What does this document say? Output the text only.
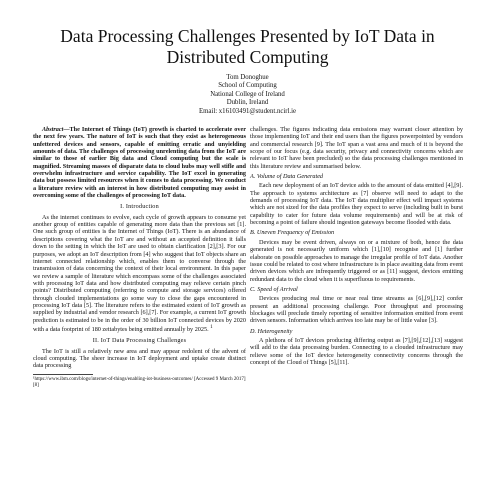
Data Processing Challenges Presented by IoT Data in Distributed Computing
Tom Donoghue
School of Computing
National College of Ireland
Dublin, Ireland
Email: x16103491@student.ncirl.ie

Abstract—The Internet of Things (IoT) growth is charted to accelerate over the next few years. The nature of IoT is such that they exist as heterogeneous unfettered devices and sensors, capable of emitting erratic and unyielding amounts of data. The challenges of processing unrelenting data from the IoT are similar to those of earlier Big data and Cloud computing but the scale is magnified. Streaming masses of disparate data to cloud hubs may well stifle and overwhelm infrastructure and service capability. The IoT excel in generating data but possess limited resources when it comes to data processing. We conduct a literature review with an interest in how distributed computing may assist in overcoming some of the challenges of processing IoT data.

I. Introduction

As the internet continues to evolve, each cycle of growth appears to consume yet another group of entities capable of generating more data than the previous set [1]. One such group of entities is the Internet of Things (IoT). There is an abundance of descriptions covering what the IoT are and without an accepted definition it falls down to the setting in which the IoT are used to obtain clarification [2],[3]. For our purposes, we adopt an IoT description from [4] who suggest that IoT objects share an internet connected relationship which, enables them to converse through the transmission of data concerning the context of their local environment. In this paper we review a sample of literature which encompass some of the challenges associated with processing IoT data and how distributed computing may relieve certain pinch points? Distributed computing (referring to compute and storage services) offered through clouded implementations go some way to close the gaps encountered in processing IoT data [5]. The literature refers to the estimated extent of IoT growth as supplied by industrial and vendor research [6],[7]. For example, a current IoT growth prediction is estimated to be in the order of 30 billion IoT connected devices by 2020 with a data footprint of 180 zettabytes being emitted annually by 2025. $^1$

II. IoT Data Processing Challenges

The IoT is still a relatively new area and may appear redolent of the advent of cloud computing. The sheer increase in IoT deployment and uptake create distinct data processing

¹https://www.ibm.com/blogs/internet-of-things/enabling-iot-business-outcomes/ [Accessed 9 March 2017] [8]

challenges. The figures indicating data emissions may warrant closer attention by those implementing IoT and their end users than the figures powerpointed by vendors and commercial research [9]. The IoT span a vast area and much of it is beyond the scope of our focus (e.g. data security, privacy and connectivity concerns which are relevant to IoT have been precluded) so the data processing challenges mentioned in this literature review and summarised below.

A. Volume of Data Generated

Each new deployment of an IoT device adds to the amount of data emitted [4],[9]. The approach to systems architecture as [7] observe will need to adapt to the demands of processing IoT data. The IoT data multiplier effect will impact systems which are not sized for the data profiles they expect to serve (including built in burst capability to cater for future data volume requirements) and will be at risk of becoming a point of failure should ingestion gateways become flooded with data.

B. Uneven Frequency of Emission

Devices may be event driven, always on or a mixture of both, hence the data generated is not necessarily uniform which [1],[10] recognise and [1] further elaborate on possible approaches to manage the irregular profile of IoT data. Another issue could be related to cost where infrastructure is in place awaiting data from event driven devices which are infrequently triggered or as [11] suggest, devices emitting redundant data to the cloud when it is superfluous to requirements.

C. Speed of Arrival

Devices producing real time or near real time streams as [6],[9],[12] confer present an additional processing challenge. Poor throughput and processing blockages will preclude timely reporting of sensitive information emitted from event driven sensors. Information which arrives too late may be of little value [3].

D. Heterogeneity

A plethora of IoT devices producing differing output as [7],[9],[12],[13] suggest will add to the data processing burden. Connecting to a clouded infrastructure may relieve some of the IoT device heterogeneity connectivity concerns through the concept of the Cloud of Things [5],[11].
